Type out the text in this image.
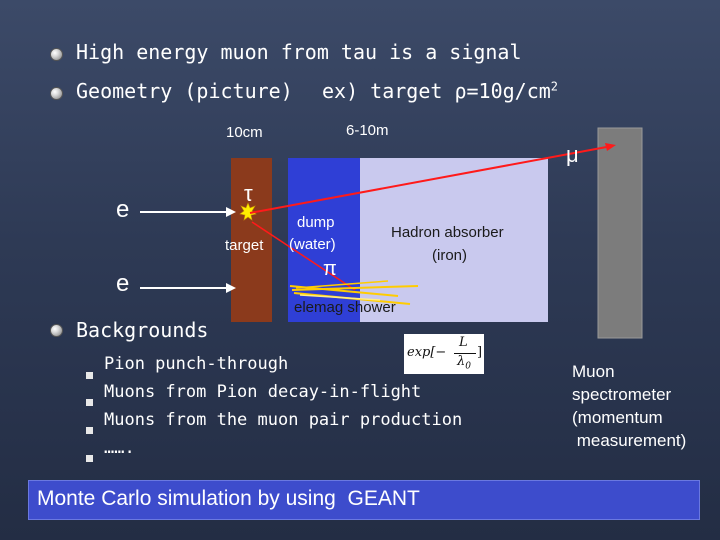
High energy muon from tau is a signal
Geometry (picture) ex) target $\rho=10g/cm^2$
10cm	6-10m
e
e
τ
target
dump
(water)
π
Hadron absorber
(iron)
elemag shower
μ
exp[−
L
$\lambda_0$
]
Backgrounds
Pion punch-through
Muons from Pion decay-in-flight
Muons from the muon pair production
…….
Muon
spectrometer
(momentum
measurement)
Monte Carlo simulation by using  GEANT
